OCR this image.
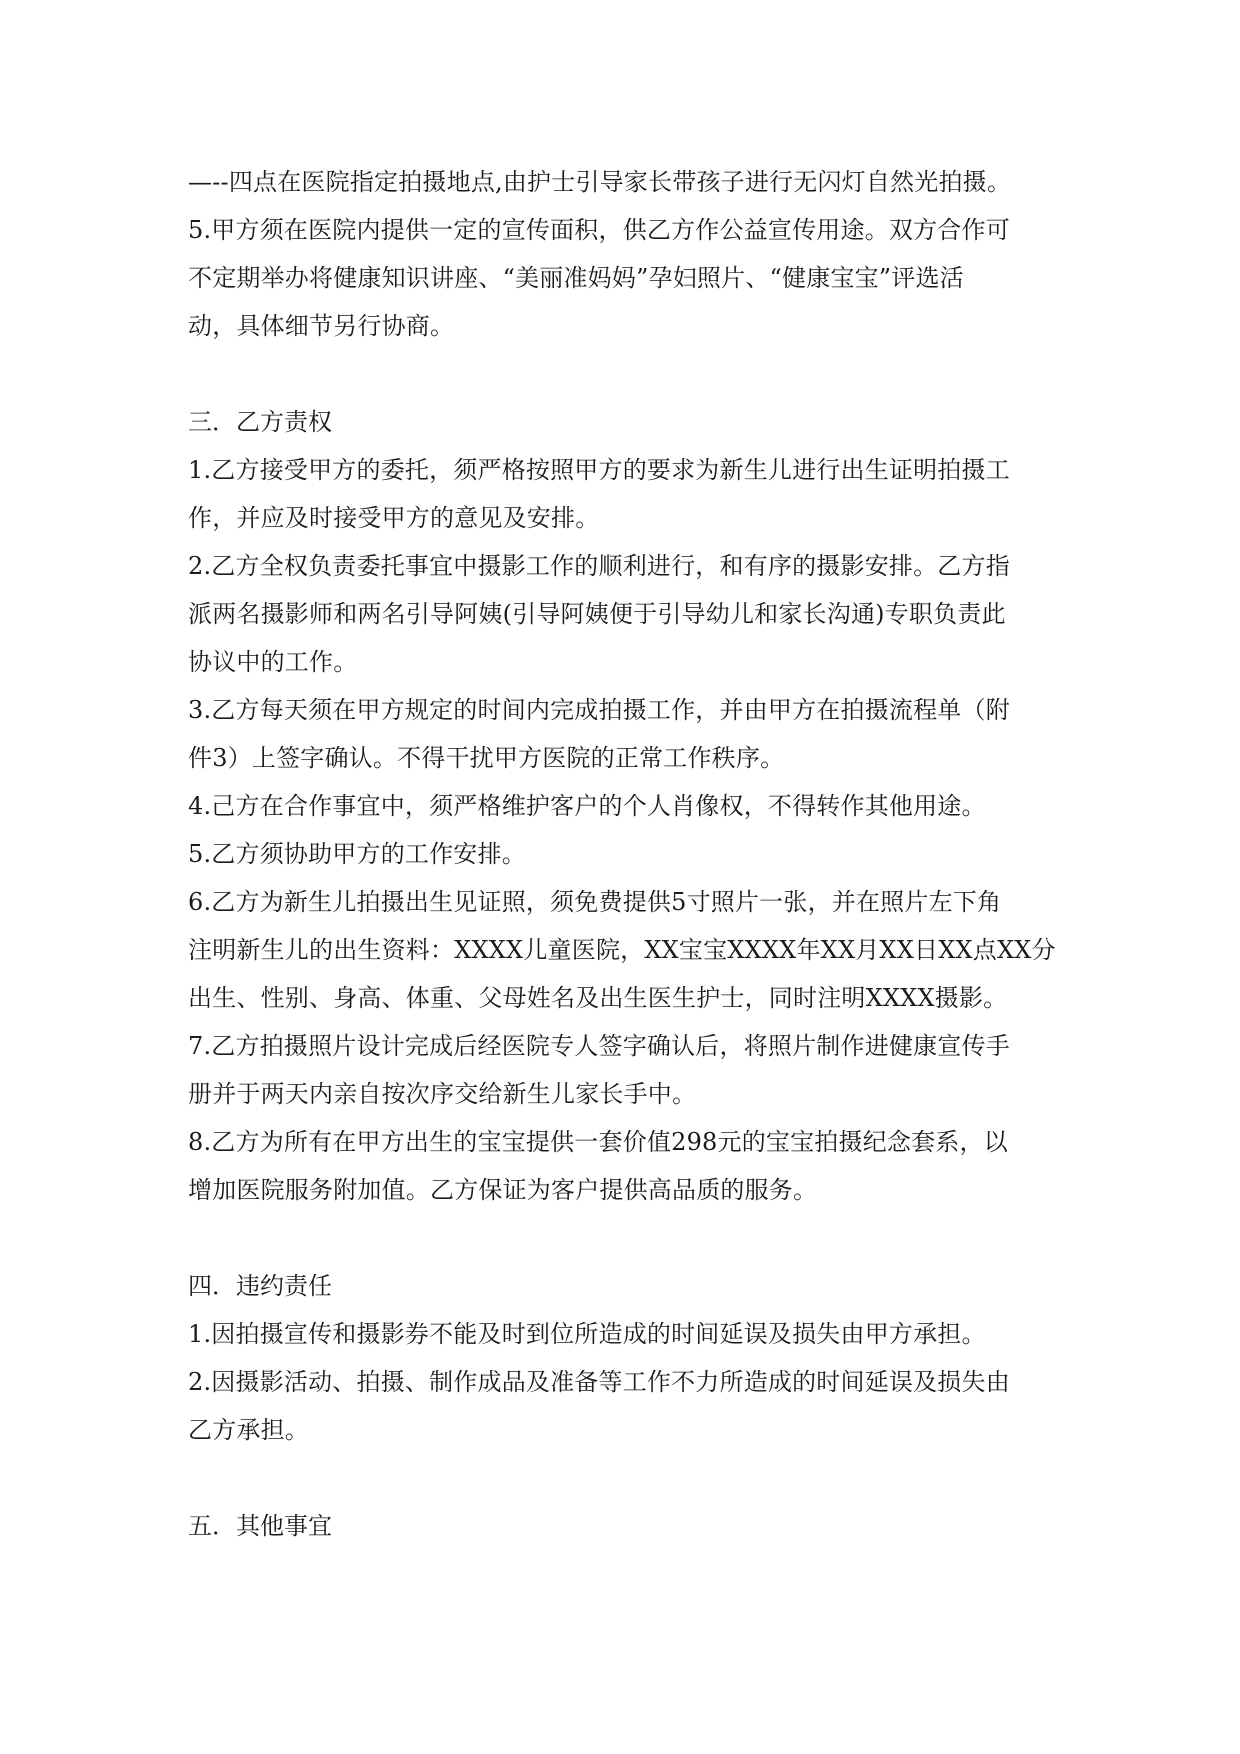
—--四点在医院指定拍摄地点,由护士引导家长带孩子进行无闪灯自然光拍摄。
5.甲方须在医院内提供一定的宣传面积，供乙方作公益宣传用途。双方合作可
不定期举办将健康知识讲座、“美丽准妈妈”孕妇照片、“健康宝宝”评选活
动，具体细节另行协商。
三．乙方责权
1.乙方接受甲方的委托，须严格按照甲方的要求为新生儿进行出生证明拍摄工
作，并应及时接受甲方的意见及安排。
2.乙方全权负责委托事宜中摄影工作的顺利进行，和有序的摄影安排。乙方指
派两名摄影师和两名引导阿姨(引导阿姨便于引导幼儿和家长沟通)专职负责此
协议中的工作。
3.乙方每天须在甲方规定的时间内完成拍摄工作，并由甲方在拍摄流程单（附
件3）上签字确认。不得干扰甲方医院的正常工作秩序。
4.己方在合作事宜中，须严格维护客户的个人肖像权，不得转作其他用途。
5.乙方须协助甲方的工作安排。
6.乙方为新生儿拍摄出生见证照，须免费提供5寸照片一张，并在照片左下角
注明新生儿的出生资料：XXXX儿童医院，XX宝宝XXXX年XX月XX日XX点XX分
出生、性别、身高、体重、父母姓名及出生医生护士，同时注明XXXX摄影。
7.乙方拍摄照片设计完成后经医院专人签字确认后，将照片制作进健康宣传手
册并于两天内亲自按次序交给新生儿家长手中。
8.乙方为所有在甲方出生的宝宝提供一套价值298元的宝宝拍摄纪念套系，以
增加医院服务附加值。乙方保证为客户提供高品质的服务。
四．违约责任
1.因拍摄宣传和摄影券不能及时到位所造成的时间延误及损失由甲方承担。
2.因摄影活动、拍摄、制作成品及准备等工作不力所造成的时间延误及损失由
乙方承担。
五．其他事宜
